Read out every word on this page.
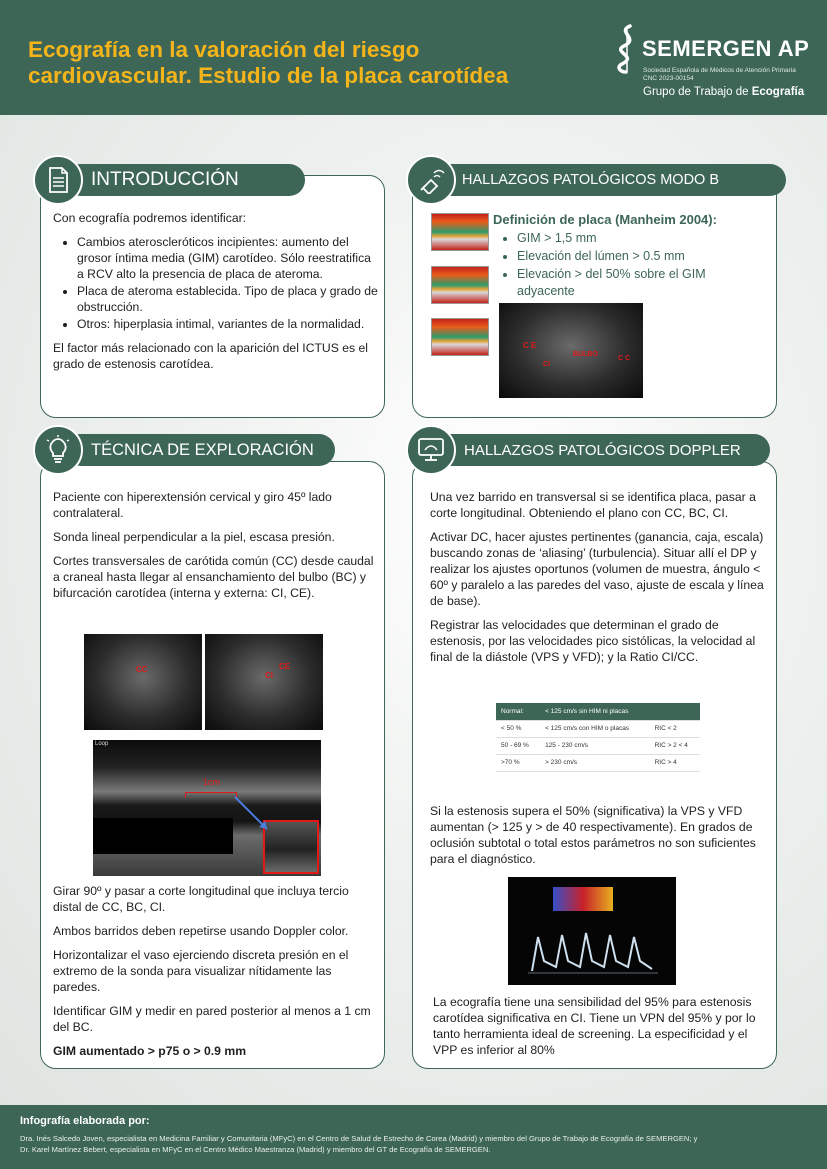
Ecografía en la valoración del riesgo
cardiovascular. Estudio de la placa carotídea
SEMERGEN AP
Sociedad Española de Médicos de Atención Primaria
CNC 2023-00154
Grupo de Trabajo de Ecografía
INTRODUCCIÓN

Con ecografía podremos identificar:

• Cambios ateroscleróticos incipientes: aumento del grosor íntima media (GIM) carotídeo. Sólo reestratifica a RCV alto la presencia de placa de ateroma.
• Placa de ateroma establecida. Tipo de placa y grado de obstrucción.
• Otros: hiperplasia intimal, variantes de la normalidad.

El factor más relacionado con la aparición del ICTUS es el grado de estenosis carotídea.

HALLAZGOS PATOLÓGICOS MODO B
Definición de placa (Manheim 2004):
• GIM > 1,5 mm
• Elevación del lúmen > 0.5 mm
• Elevación > del 50% sobre el GIM adyacente
C E
BULBO
C C
CI
TÉCNICA DE EXPLORACIÓN

Paciente con hiperextensión cervical y giro 45º lado contralateral.

Sonda lineal perpendicular a la piel, escasa presión.

Cortes transversales de carótida común (CC) desde caudal a craneal hasta llegar al ensanchamiento del bulbo (BC) y bifurcación carotídea (interna y externa: CI, CE).

CC	CE
CI
Loop
1cm

Girar 90º y pasar a corte longitudinal que incluya tercio distal de CC, BC, CI.

Ambos barridos deben repetirse usando Doppler color.

Horizontalizar el vaso ejerciendo discreta presión en el extremo de la sonda para visualizar nítidamente las paredes.

Identificar GIM y medir en pared posterior al menos a 1 cm del BC.

GIM aumentado > p75 o > 0.9 mm

HALLAZGOS PATOLÓGICOS DOPPLER

Una vez barrido en transversal si se identifica placa, pasar a corte longitudinal. Obteniendo el plano con CC, BC, CI.

Activar DC, hacer ajustes pertinentes (ganancia, caja, escala) buscando zonas de ‘aliasing’ (turbulencia). Situar allí el DP y realizar los ajustes oportunos (volumen de muestra, ángulo < 60º y paralelo a las paredes del vaso, ajuste de escala y línea de base).

Registrar las velocidades que determinan el grado de estenosis, por las velocidades pico sistólicas, la velocidad al final de la diástole (VPS y VFD); y la Ratio CI/CC.

Normal:	< 125 cm/s sin HIM ni placas	
< 50 %	< 125 cm/s con HIM o placas	RIC < 2
50 - 69 %	125 - 230 cm/s	RIC > 2 < 4
>70 %	> 230 cm/s	RIC > 4

Si la estenosis supera el 50% (significativa) la VPS y VFD aumentan (> 125 y > de 40 respectivamente). En grados de oclusión subtotal o total estos parámetros no son suficientes para el diagnóstico.

La ecografía tiene una sensibilidad del 95% para estenosis carotídea significativa en CI. Tiene un VPN del 95% y por lo tanto herramienta ideal de screening. La especificidad y el VPP es inferior al 80%

Infografía elaborada por:
Dra. Inés Salcedo Joven, especialista en Medicina Familiar y Comunitaria (MFyC) en el Centro de Salud de Estrecho de Corea (Madrid) y miembro del Grupo de Trabajo de Ecografía de SEMERGEN; y
Dr. Karel Martínez Bebert, especialista en MFyC en el Centro Médico Maestranza (Madrid) y miembro del GT de Ecografía de SEMERGEN.
